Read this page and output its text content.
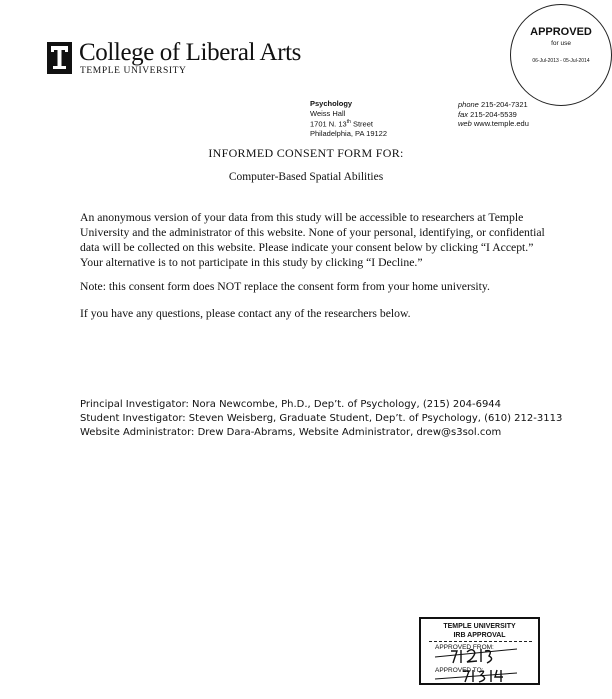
College of Liberal Arts
TEMPLE UNIVERSITY
APPROVED
for use
06-Jul-2013 - 05-Jul-2014
Psychology
Weiss Hall
1701 N. 13th Street
Philadelphia, PA 19122
phone 215-204-7321
fax 215-204-5539
web www.temple.edu
INFORMED CONSENT FORM FOR:
Computer-Based Spatial Abilities
An anonymous version of your data from this study will be accessible to researchers at Temple University and the administrator of this website. None of your personal, identifying, or confidential data will be collected on this website. Please indicate your consent below by clicking “I Accept.” Your alternative is to not participate in this study by clicking “I Decline.”
Note: this consent form does NOT replace the consent form from your home university.
If you have any questions, please contact any of the researchers below.
Principal Investigator: Nora Newcombe, Ph.D., Dep’t. of Psychology, (215) 204-6944
Student Investigator: Steven Weisberg, Graduate Student, Dep’t. of Psychology, (610) 212-3113
Website Administrator: Drew Dara-Abrams, Website Administrator, drew@s3sol.com
TEMPLE UNIVERSITY
IRB APPROVAL
APPROVED FROM:
APPROVED TO:
